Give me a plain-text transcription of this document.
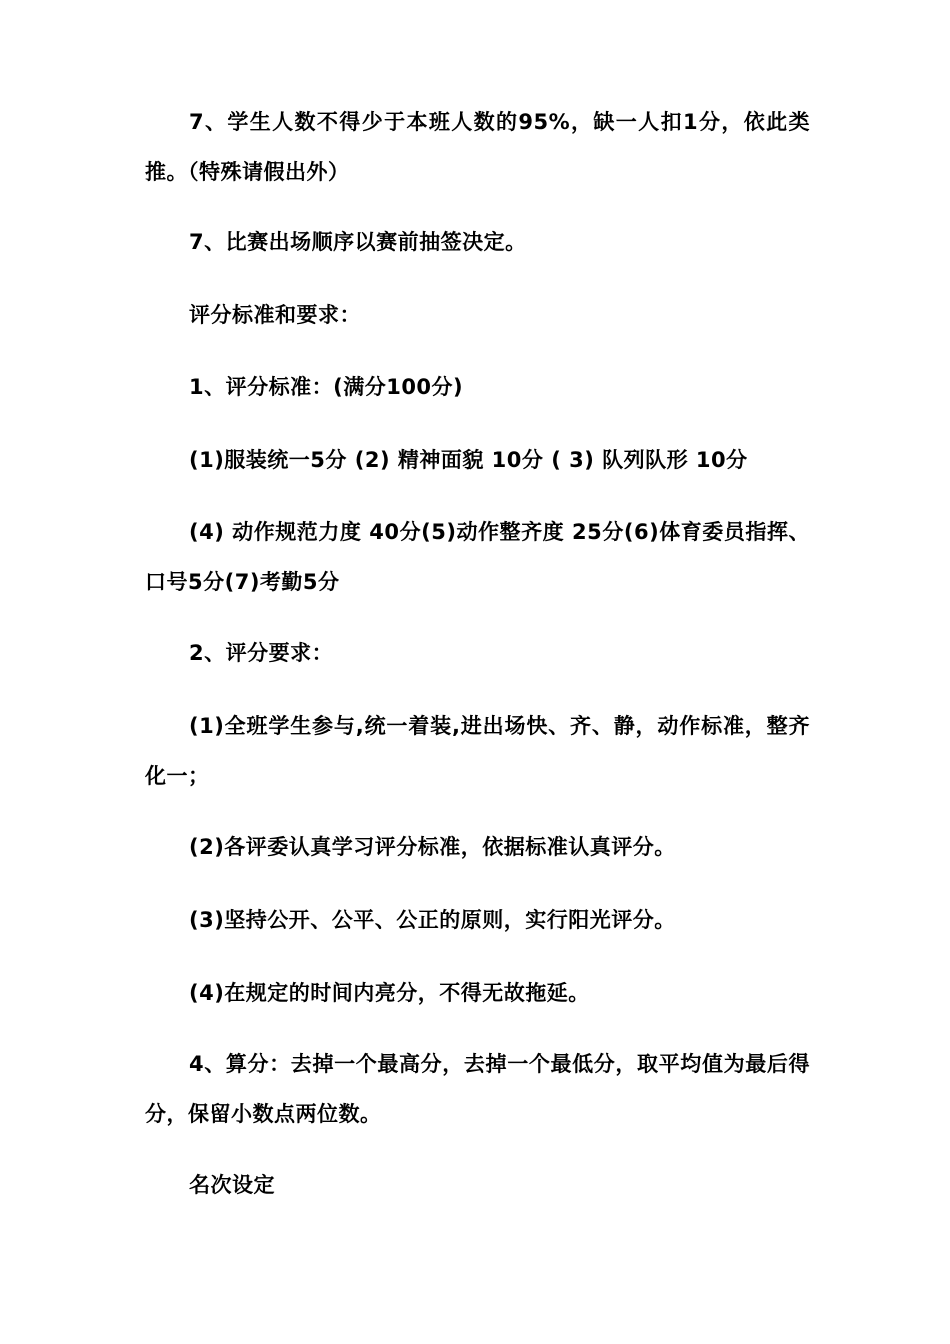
7、学生人数不得少于本班人数的95%，缺一人扣1分，依此类推。（特殊请假出外）

7、比赛出场顺序以赛前抽签决定。

评分标准和要求：

1、评分标准：(满分100分)

(1)服装统一5分 (2) 精神面貌 10分 ( 3) 队列队形 10分

(4) 动作规范力度 40分(5)动作整齐度 25分(6)体育委员指挥、口号5分(7)考勤5分

2、评分要求：

(1)全班学生参与,统一着装,进出场快、齐、静，动作标准，整齐化一；

(2)各评委认真学习评分标准，依据标准认真评分。

(3)坚持公开、公平、公正的原则，实行阳光评分。

(4)在规定的时间内亮分，不得无故拖延。

4、算分：去掉一个最高分，去掉一个最低分，取平均值为最后得分，保留小数点两位数。

名次设定
